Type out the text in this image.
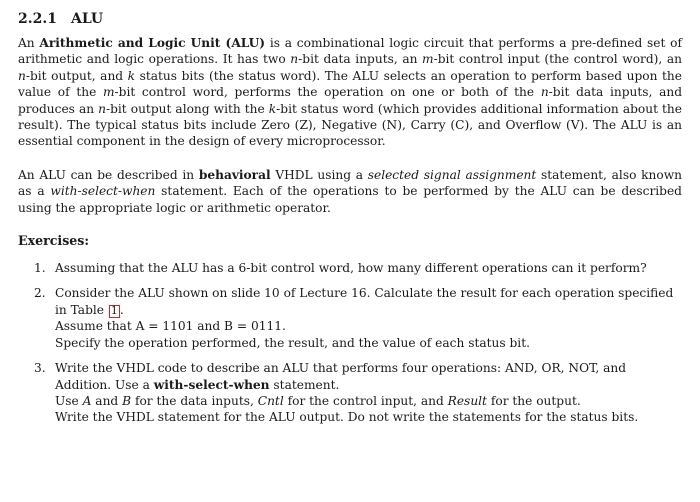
2.2.1 ALU

An Arithmetic and Logic Unit (ALU) is a combinational logic circuit that performs a pre-defined set of arithmetic and logic operations. It has two n-bit data inputs, an m-bit control input (the control word), an n-bit output, and k status bits (the status word). The ALU selects an operation to perform based upon the value of the m-bit control word, performs the operation on one or both of the n-bit data inputs, and produces an n-bit output along with the k-bit status word (which provides additional information about the result). The typical status bits include Zero (Z), Negative (N), Carry (C), and Overflow (V). The ALU is an essential component in the design of every microprocessor.

An ALU can be described in behavioral VHDL using a selected signal assignment statement, also known as a with-select-when statement. Each of the operations to be performed by the ALU can be described using the appropriate logic or arithmetic operator.

Exercises:
1. Assuming that the ALU has a 6-bit control word, how many different operations can it perform?
2. Consider the ALU shown on slide 10 of Lecture 16. Calculate the result for each operation specified in Table 1 .
Assume that A = 1101 and B = 0111.
Specify the operation performed, the result, and the value of each status bit.
3. Write the VHDL code to describe an ALU that performs four operations: AND, OR, NOT, and Addition. Use a with-select-when statement.
Use A and B for the data inputs, Cntl for the control input, and Result for the output.
Write the VHDL statement for the ALU output. Do not write the statements for the status bits.
